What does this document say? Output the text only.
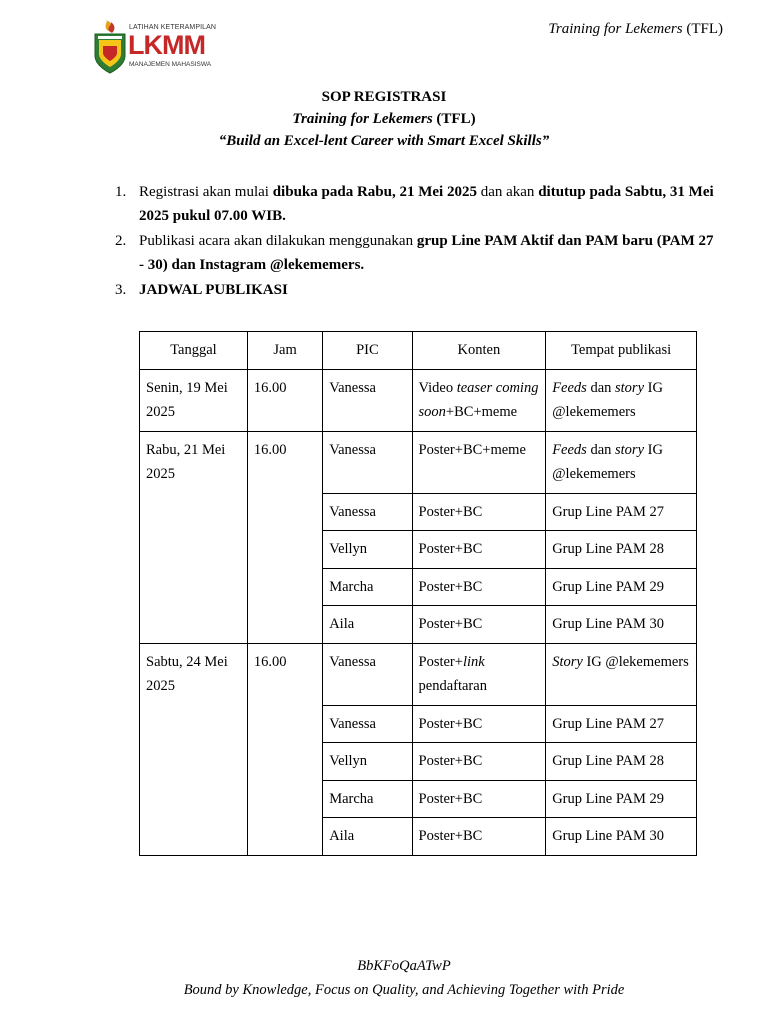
LATIHAN KETERAMPILAN
LKMM
MANAJEMEN MAHASISWA
Training for Lekemers (TFL)
SOP REGISTRASI
Training for Lekemers (TFL)
“Build an Excel-lent Career with Smart Excel Skills”
1. Registrasi akan mulai dibuka pada Rabu, 21 Mei 2025 dan akan ditutup pada Sabtu, 31 Mei 2025 pukul 07.00 WIB.
2. Publikasi acara akan dilakukan menggunakan grup Line PAM Aktif dan PAM baru (PAM 27 - 30) dan Instagram @lekememers.
3. JADWAL PUBLIKASI
Tanggal	Jam	PIC	Konten	Tempat publikasi
Senin, 19 Mei 2025	16.00	Vanessa	Video teaser coming soon+BC+meme	Feeds dan story IG @lekememers
Rabu, 21 Mei 2025	16.00	Vanessa	Poster+BC+meme	Feeds dan story IG @lekememers
		Vanessa	Poster+BC	Grup Line PAM 27
		Vellyn	Poster+BC	Grup Line PAM 28
		Marcha	Poster+BC	Grup Line PAM 29
		Aila	Poster+BC	Grup Line PAM 30
Sabtu, 24 Mei 2025	16.00	Vanessa	Poster+link pendaftaran	Story IG @lekememers
		Vanessa	Poster+BC	Grup Line PAM 27
		Vellyn	Poster+BC	Grup Line PAM 28
		Marcha	Poster+BC	Grup Line PAM 29
		Aila	Poster+BC	Grup Line PAM 30
BbKFoQaATwP
Bound by Knowledge, Focus on Quality, and Achieving Together with Pride
